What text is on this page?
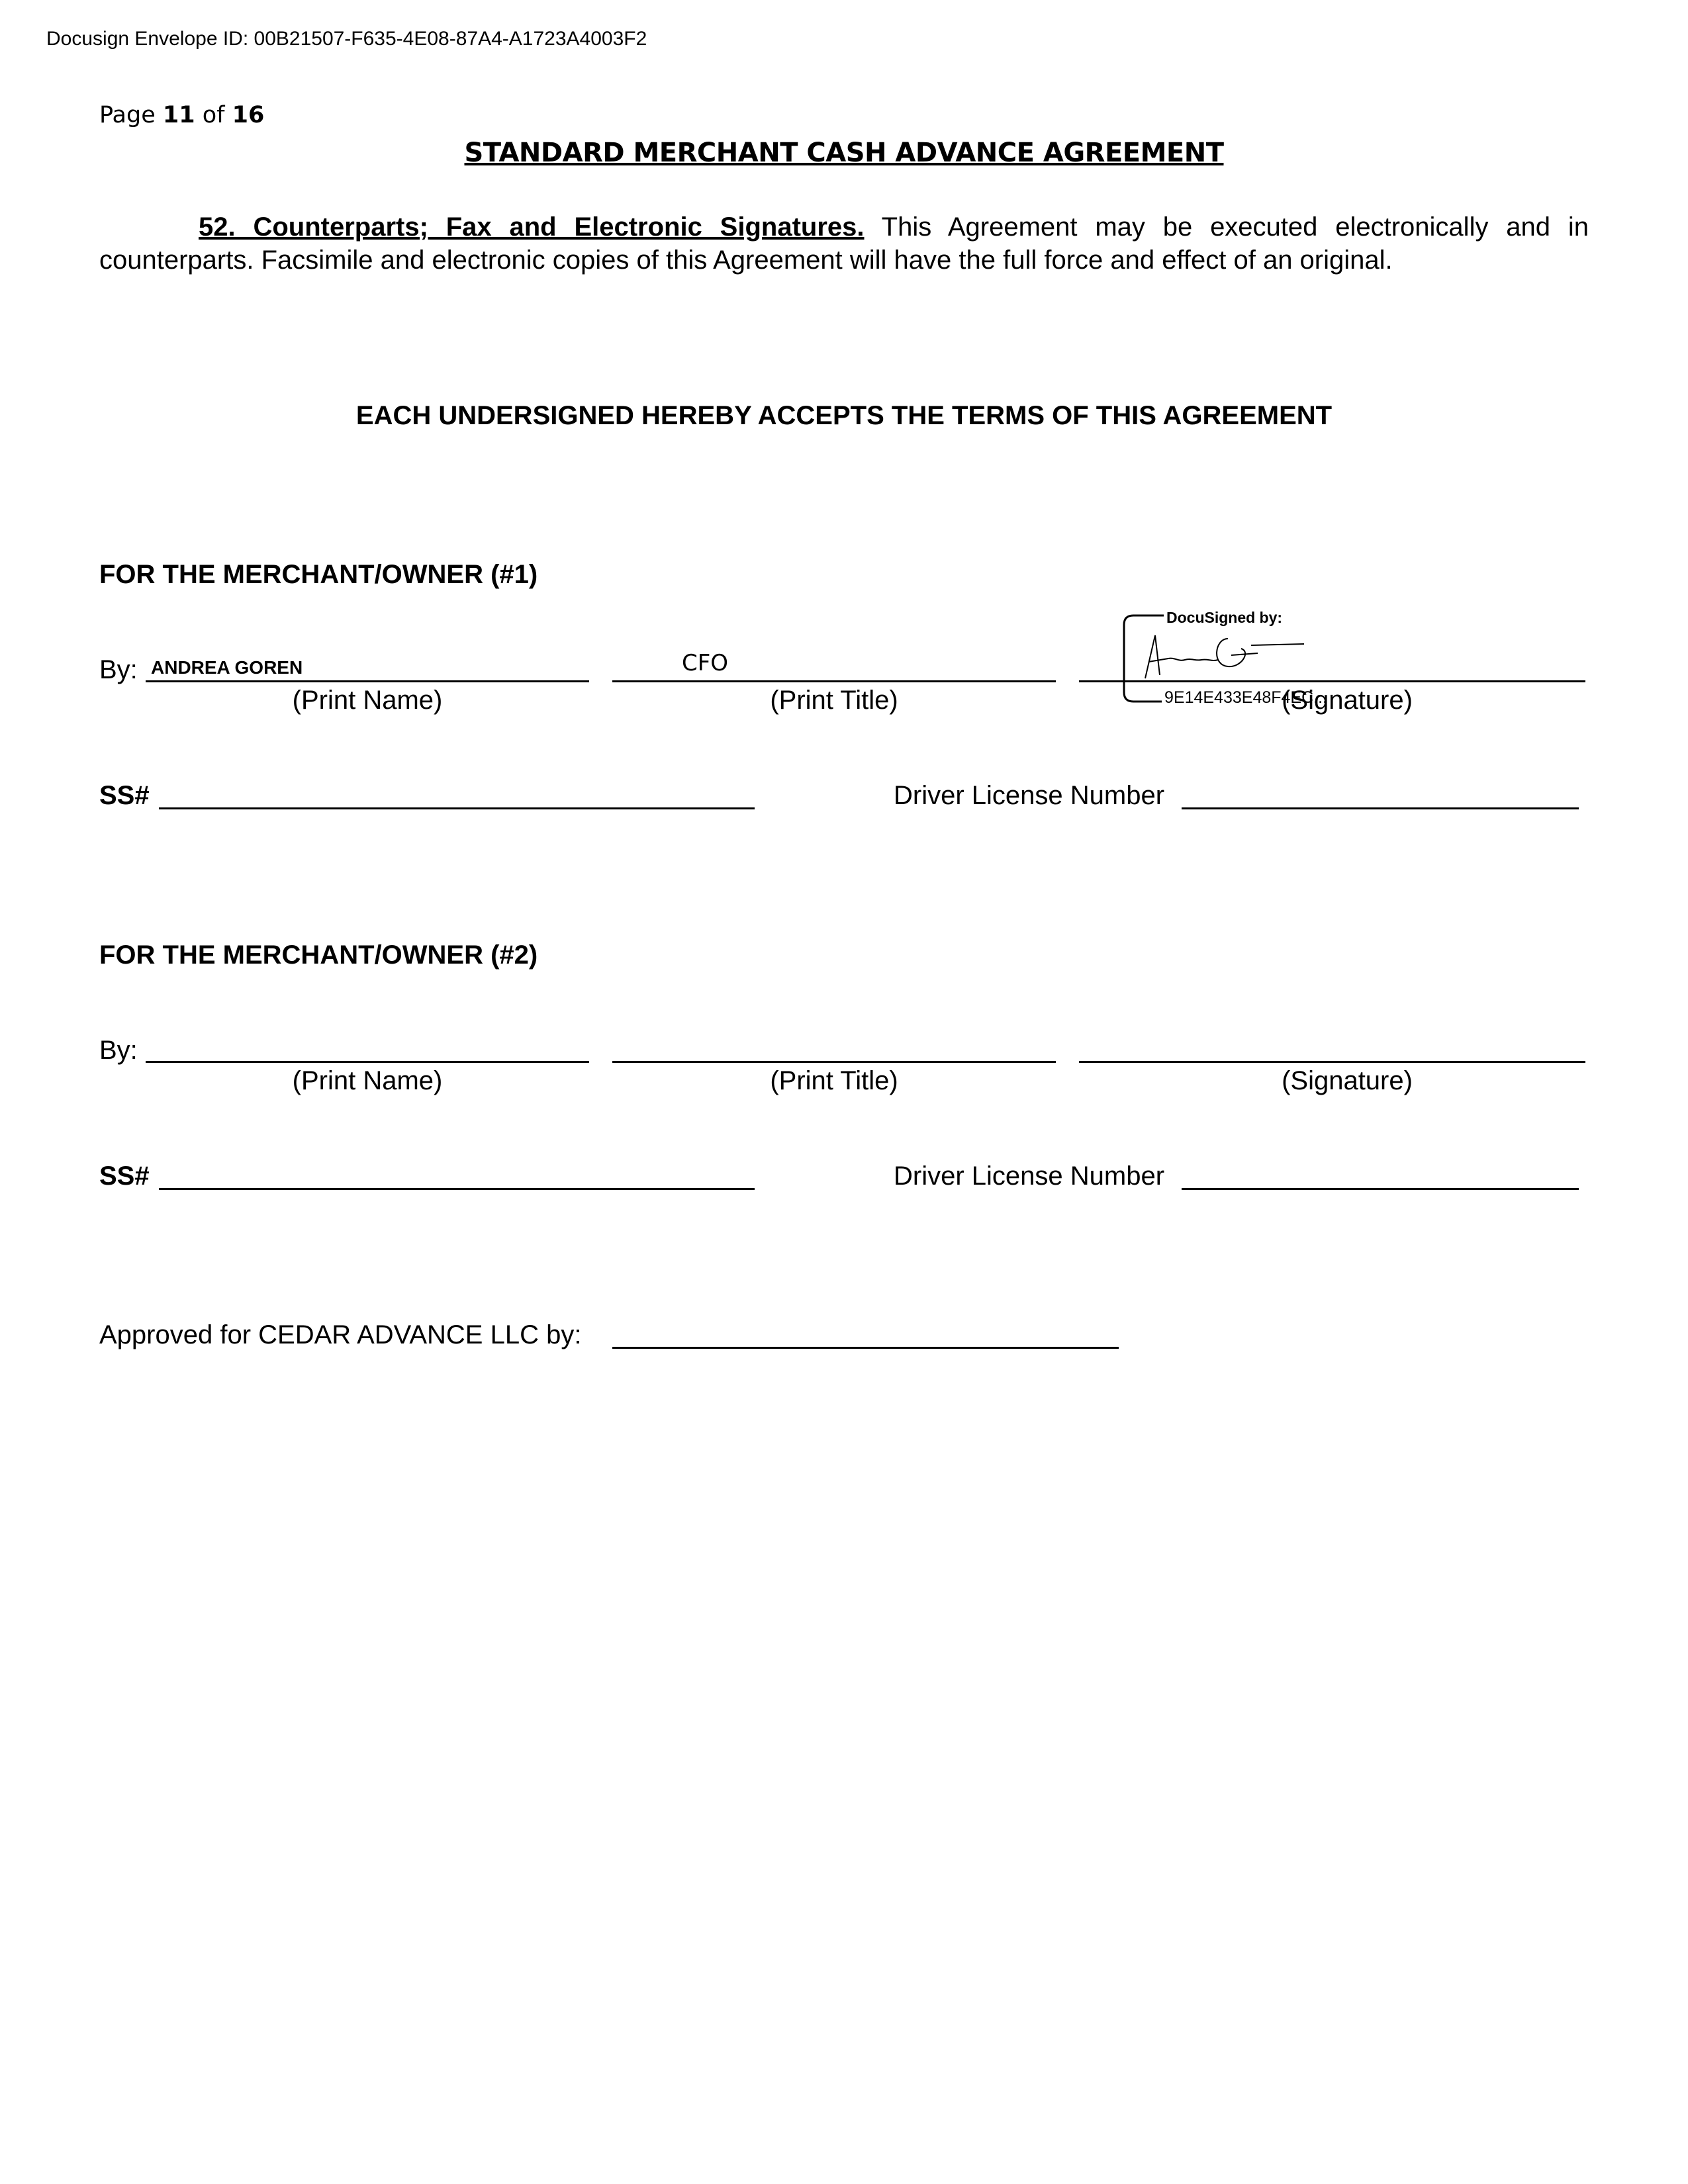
Docusign Envelope ID: 00B21507-F635-4E08-87A4-A1723A4003F2
Page 11 of 16
STANDARD MERCHANT CASH ADVANCE AGREEMENT
52. Counterparts; Fax and Electronic Signatures. This Agreement may be executed electronically and in counterparts. Facsimile and electronic copies of this Agreement will have the full force and effect of an original.
EACH UNDERSIGNED HEREBY ACCEPTS THE TERMS OF THIS AGREEMENT
FOR THE MERCHANT/OWNER (#1)
By: ANDREA GOREN	CFO
DocuSigned by:
9E14E433E48F4EC...
(Print Name)	(Print Title)	(Signature)
SS#	Driver License Number
FOR THE MERCHANT/OWNER (#2)
By:
(Print Name)	(Print Title)	(Signature)
SS#	Driver License Number
Approved for CEDAR ADVANCE LLC by:
